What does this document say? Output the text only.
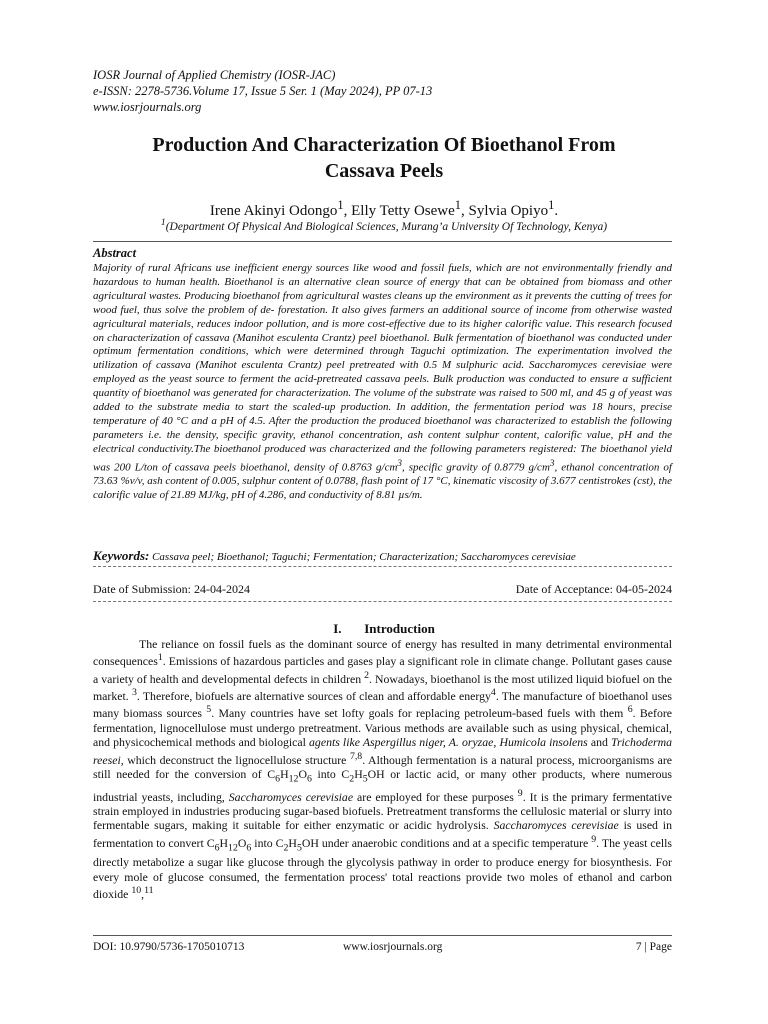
IOSR Journal of Applied Chemistry (IOSR-JAC)
e-ISSN: 2278-5736.Volume 17, Issue 5 Ser. 1 (May 2024), PP 07-13
www.iosrjournals.org
Production And Characterization Of Bioethanol From
Cassava Peels
Irene Akinyi Odongo$^1$, Elly Tetty Osewe$^1$, Sylvia Opiyo$^1$.
$^1$(Department Of Physical And Biological Sciences, Murang’a University Of Technology, Kenya)
Abstract
Majority of rural Africans use inefficient energy sources like wood and fossil fuels, which are not environmentally friendly and hazardous to human health. Bioethanol is an alternative clean source of energy that can be obtained from biomass and other agricultural wastes. Producing bioethanol from agricultural wastes cleans up the environment as it prevents the cutting of trees for wood fuel, thus solve the problem of de- forestation. It also gives farmers an additional source of income from otherwise wasted agricultural materials, reduces indoor pollution, and is more cost-effective due to its higher calorific value. This research focused on characterization of cassava (Manihot esculenta Crantz) peel bioethanol. Bulk fermentation of bioethanol was conducted under optimum fermentation conditions, which were determined through Taguchi optimization. The experimentation involved the utilization of cassava (Manihot esculenta Crantz) peel pretreated with 0.5 M sulphuric acid. Saccharomyces cerevisiae were employed as the yeast source to ferment the acid-pretreated cassava peels. Bulk production was conducted to ensure a sufficient quantity of bioethanol was generated for characterization. The volume of the substrate was raised to 500 ml, and 45 g of yeast was added to the substrate media to start the scaled-up production. In addition, the fermentation period was 18 hours, precise temperature of 40 °C and a pH of 4.5. After the production the produced bioethanol was characterized to establish the following parameters i.e. the density, specific gravity, ethanol concentration, ash content sulphur content, calorific value, pH and the electrical conductivity.The bioethanol produced was characterized and the following parameters registered: The bioethanol yield was 200 L/ton of cassava peels bioethanol, density of 0.8763 $g/cm^3$, specific gravity of 0.8779 $g/cm^3$, ethanol concentration of 73.63 %v/v, ash content of 0.005, sulphur content of 0.0788, flash point of 17 °C, kinematic viscosity of 3.677 centistrokes (cst), the calorific value of 21.89 MJ/kg, pH of 4.286, and conductivity of 8.81 µs/m.
Keywords: Cassava peel; Bioethanol; Taguchi; Fermentation; Characterization; Saccharomyces cerevisiae
Date of Submission: 24-04-2024	Date of Acceptance: 04-05-2024
I. Introduction

The reliance on fossil fuels as the dominant source of energy has resulted in many detrimental environmental consequences$^1$. Emissions of hazardous particles and gases play a significant role in climate change. Pollutant gases cause a variety of health and developmental defects in children $^2$. Nowadays, bioethanol is the most utilized liquid biofuel on the market. $^3$. Therefore, biofuels are alternative sources of clean and affordable energy$^4$. The manufacture of bioethanol uses many biomass sources $^5$. Many countries have set lofty goals for replacing petroleum-based fuels with them $^6$. Before fermentation, lignocellulose must undergo pretreatment. Various methods are available such as using physical, chemical, and physicochemical methods and biological agents like Aspergillus niger, A. oryzae, Humicola insolens and Trichoderma reesei, which deconstruct the lignocellulose structure $^{7,8}$. Although fermentation is a natural process, microorganisms are still needed for the conversion of $C_6H_{12}O_6$ into $C_2H_5OH$ or lactic acid, or many other products, where numerous industrial yeasts, including, Saccharomyces cerevisiae are employed for these purposes $^9$. It is the primary fermentative strain employed in industries producing sugar-based biofuels. Pretreatment transforms the cellulosic material or slurry into fermentable sugars, making it suitable for either enzymatic or acidic hydrolysis. Saccharomyces cerevisiae is used in fermentation to convert $C_6H_{12}O_6$ into $C_2H_5OH$ under anaerobic conditions and at a specific temperature $^9$. The yeast cells directly metabolize a sugar like glucose through the glycolysis pathway in order to produce energy for biosynthesis. For every mole of glucose consumed, the fermentation process' total reactions provide two moles of ethanol and carbon dioxide $^{10}$,$^{11}$

DOI: 10.9790/5736-1705010713	www.iosrjournals.org	7 | Page
